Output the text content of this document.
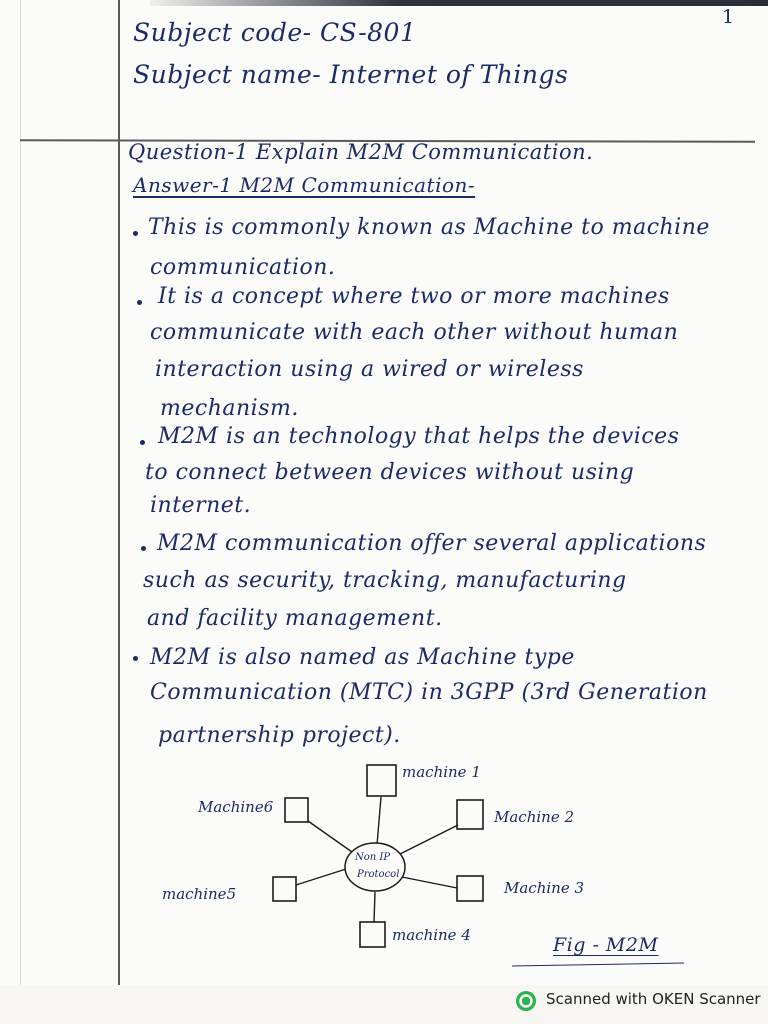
1
Subject code- CS-801
Subject name- Internet of Things
Question-1 Explain M2M Communication.
Answer-1 M2M Communication-
This is commonly known as Machine to machine
communication.
It is a concept where two or more machines
communicate with each other without human
interaction using a wired or wireless
mechanism.
M2M is an technology that helps the devices
to connect between devices without using
internet.
M2M communication offer several applications
such as security, tracking, manufacturing
and facility management.
M2M is also named as Machine type
Communication (MTC) in 3GPP (3rd Generation
partnership project).
Non IP
Protocol
machine 1
Machine 2
Machine 3
machine 4
machine5
Machine6
Fig - M2M
Scanned with OKEN Scanner
